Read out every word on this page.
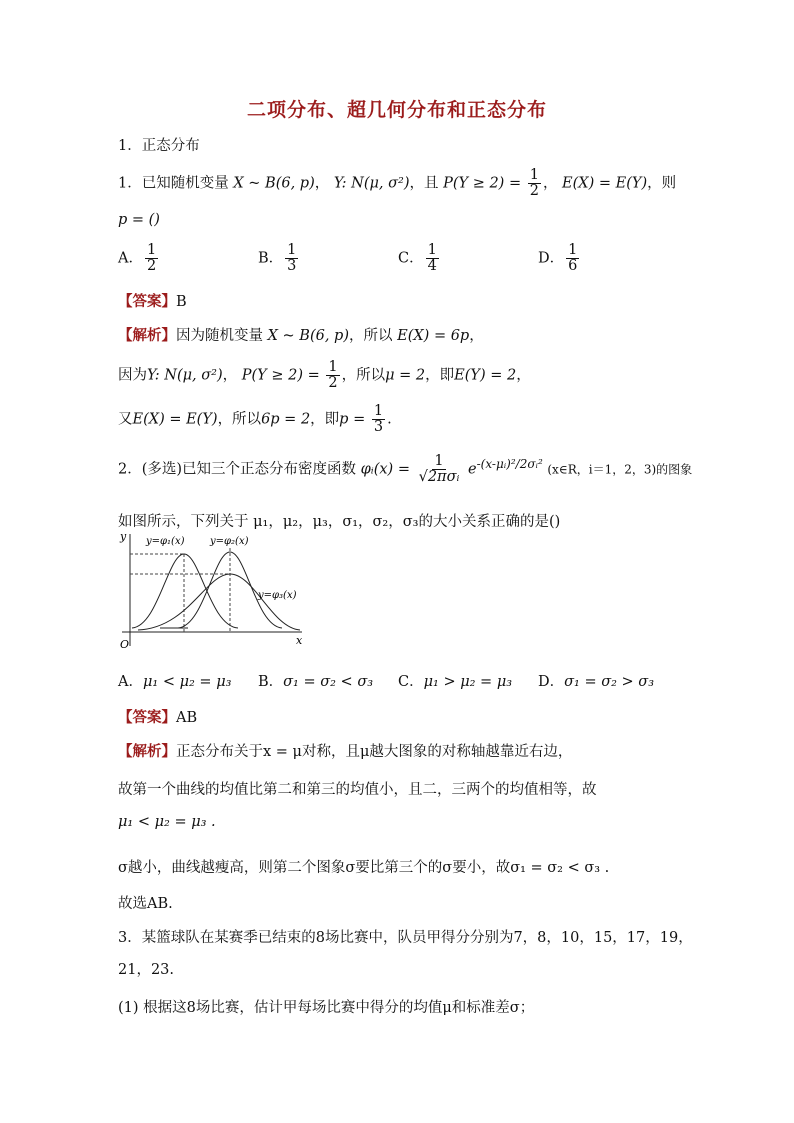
二项分布、超几何分布和正态分布
1．正态分布
1．已知随机变量 X ~ B(6, p)， Y: N(μ, σ²)，且 $P(Y \ge 2) = \frac{1}{2}$ ， E(X) = E(Y)，则
p = ()
A． $\frac{1}{2}$	B． $\frac{1}{3}$	C． $\frac{1}{4}$	D． $\frac{1}{6}$
【答案】B
【解析】因为随机变量 X ~ B(6, p)，所以 E(X) = 6p，
因为Y: N(μ, σ²)， $P(Y \ge 2) = \frac{1}{2}$ ，所以μ = 2，即E(Y) = 2，
又E(X) = E(Y)，所以6p = 2，即$p = \frac{1}{3}$ .
2．(多选)已知三个正态分布密度函数 φᵢ(x) = $\frac{1}{\text{√2πσᵢ}} e^{-(x-\mu ᵢ)^2/2\sigma ᵢ^2}$ (x∈R，i＝1，2，3)的图象
如图所示，下列关于 μ₁，μ₂，μ₃，σ₁，σ₂，σ₃的大小关系正确的是()
y
x
O
y=φ₁(x)	y=φ₂(x)
y=φ₃(x)
A．μ₁ < μ₂ = μ₃ B．σ₁ = σ₂ < σ₃ C．μ₁ > μ₂ = μ₃ D．σ₁ = σ₂ > σ₃
【答案】AB
【解析】正态分布关于x = μ对称，且μ越大图象的对称轴越靠近右边，
故第一个曲线的均值比第二和第三的均值小，且二，三两个的均值相等，故
μ₁ < μ₂ = μ₃ .
σ越小，曲线越瘦高，则第二个图象σ要比第三个的σ要小，故σ₁ = σ₂ < σ₃ .
故选AB.
3．某篮球队在某赛季已结束的8场比赛中，队员甲得分分别为7，8，10，15，17，19，
21，23.
(1) 根据这8场比赛，估计甲每场比赛中得分的均值μ和标准差σ；
